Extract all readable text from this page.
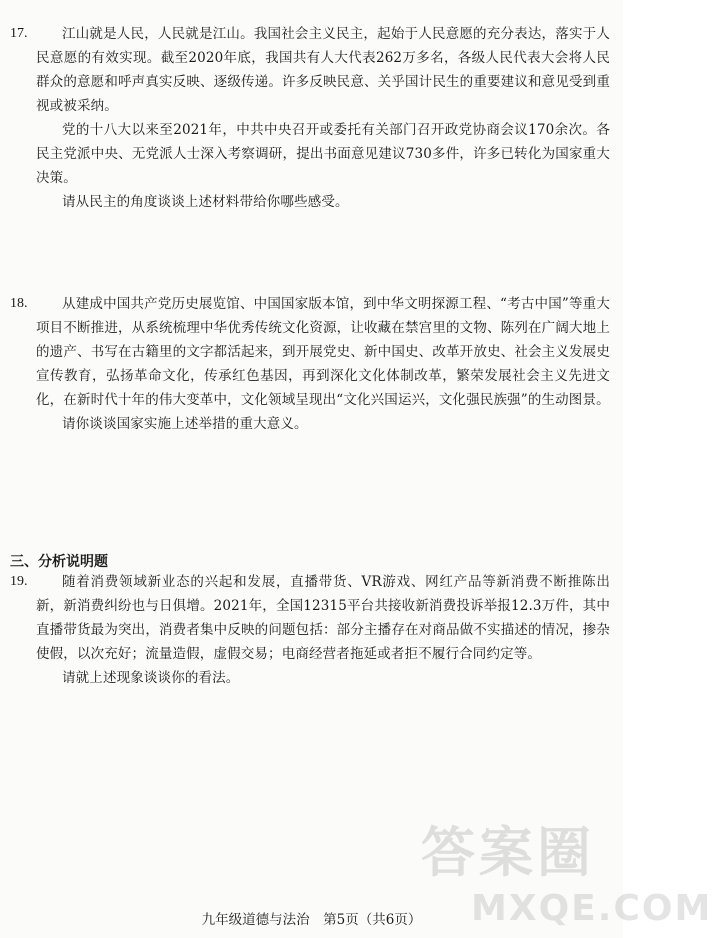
17.	江山就是人民，人民就是江山。我国社会主义民主，起始于人民意愿的充分表达，落实于人民意愿的有效实现。截至2020年底，我国共有人大代表262万多名，各级人民代表大会将人民群众的意愿和呼声真实反映、逐级传递。许多反映民意、关乎国计民生的重要建议和意见受到重视或被采纳。

党的十八大以来至2021年，中共中央召开或委托有关部门召开政党协商会议170余次。各民主党派中央、无党派人士深入考察调研，提出书面意见建议730多件，许多已转化为国家重大决策。

请从民主的角度谈谈上述材料带给你哪些感受。

18.	从建成中国共产党历史展览馆、中国国家版本馆，到中华文明探源工程、“考古中国”等重大项目不断推进，从系统梳理中华优秀传统文化资源，让收藏在禁宫里的文物、陈列在广阔大地上的遗产、书写在古籍里的文字都活起来，到开展党史、新中国史、改革开放史、社会主义发展史宣传教育，弘扬革命文化，传承红色基因，再到深化文化体制改革，繁荣发展社会主义先进文化，在新时代十年的伟大变革中，文化领域呈现出“文化兴国运兴，文化强民族强”的生动图景。

请你谈谈国家实施上述举措的重大意义。

三、分析说明题
19.	随着消费领域新业态的兴起和发展，直播带货、VR游戏、网红产品等新消费不断推陈出新，新消费纠纷也与日俱增。2021年，全国12315平台共接收新消费投诉举报12.3万件，其中直播带货最为突出，消费者集中反映的问题包括：部分主播存在对商品做不实描述的情况，掺杂使假，以次充好；流量造假，虚假交易；电商经营者拖延或者拒不履行合同约定等。

请就上述现象谈谈你的看法。

答案圈
MXQE.COM
九年级道德与法治　第5页（共6页）
